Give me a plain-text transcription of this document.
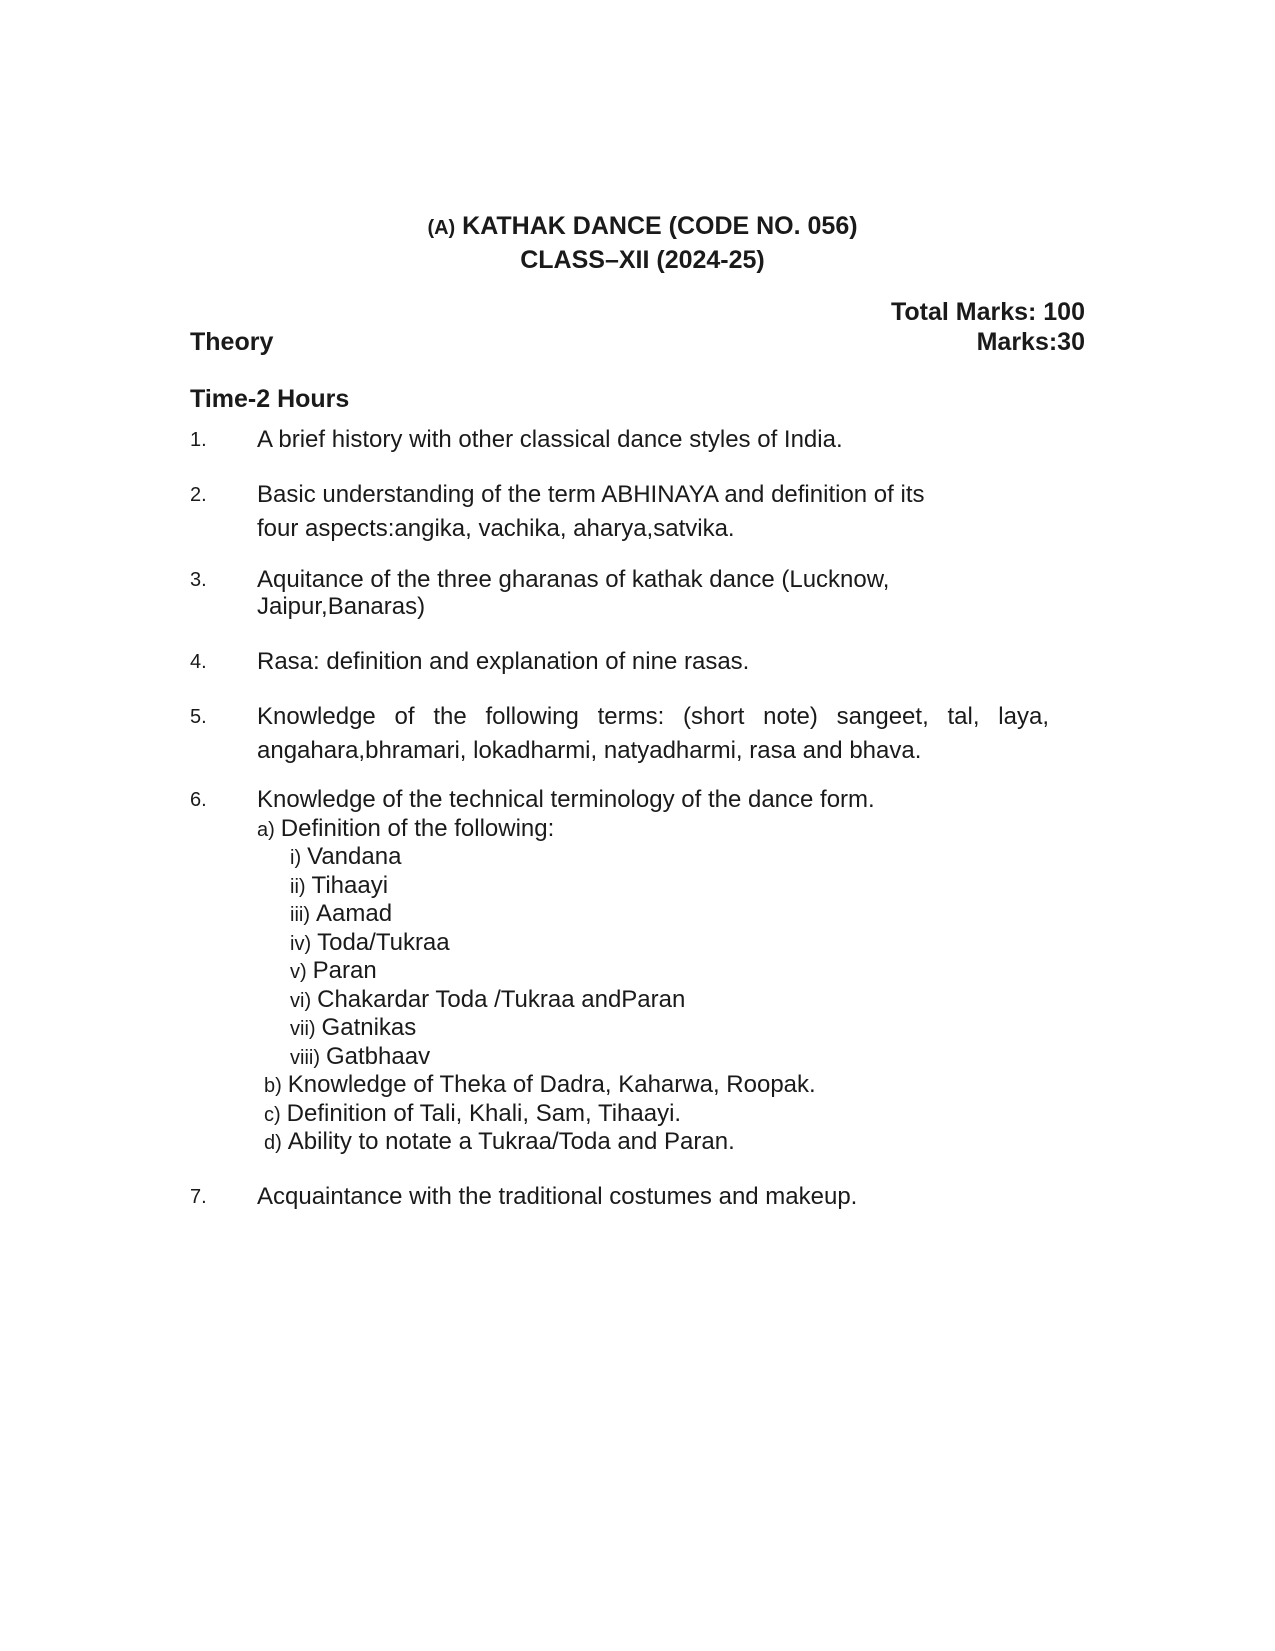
(A) KATHAK DANCE (CODE NO. 056)
CLASS–XII (2024-25)
Total Marks: 100
Theory	Marks:30
Time-2 Hours
1. A brief history with other classical dance styles of India.
2. Basic understanding of the term ABHINAYA and definition of its
four aspects:angika, vachika, aharya,satvika.
3. Aquitance of the three gharanas of kathak dance (Lucknow,
Jaipur,Banaras)
4. Rasa: definition and explanation of nine rasas.
5. Knowledge of the following terms: (short note) sangeet, tal, laya,
angahara,bhramari, lokadharmi, natyadharmi, rasa and bhava.
6. Knowledge of the technical terminology of the dance form.
a) Definition of the following:
i) Vandana
ii) Tihaayi
iii) Aamad
iv) Toda/Tukraa
v) Paran
vi) Chakardar Toda /Tukraa andParan
vii) Gatnikas
viii) Gatbhaav
b) Knowledge of Theka of Dadra, Kaharwa, Roopak.
c) Definition of Tali, Khali, Sam, Tihaayi.
d) Ability to notate a Tukraa/Toda and Paran.
7. Acquaintance with the traditional costumes and makeup.
